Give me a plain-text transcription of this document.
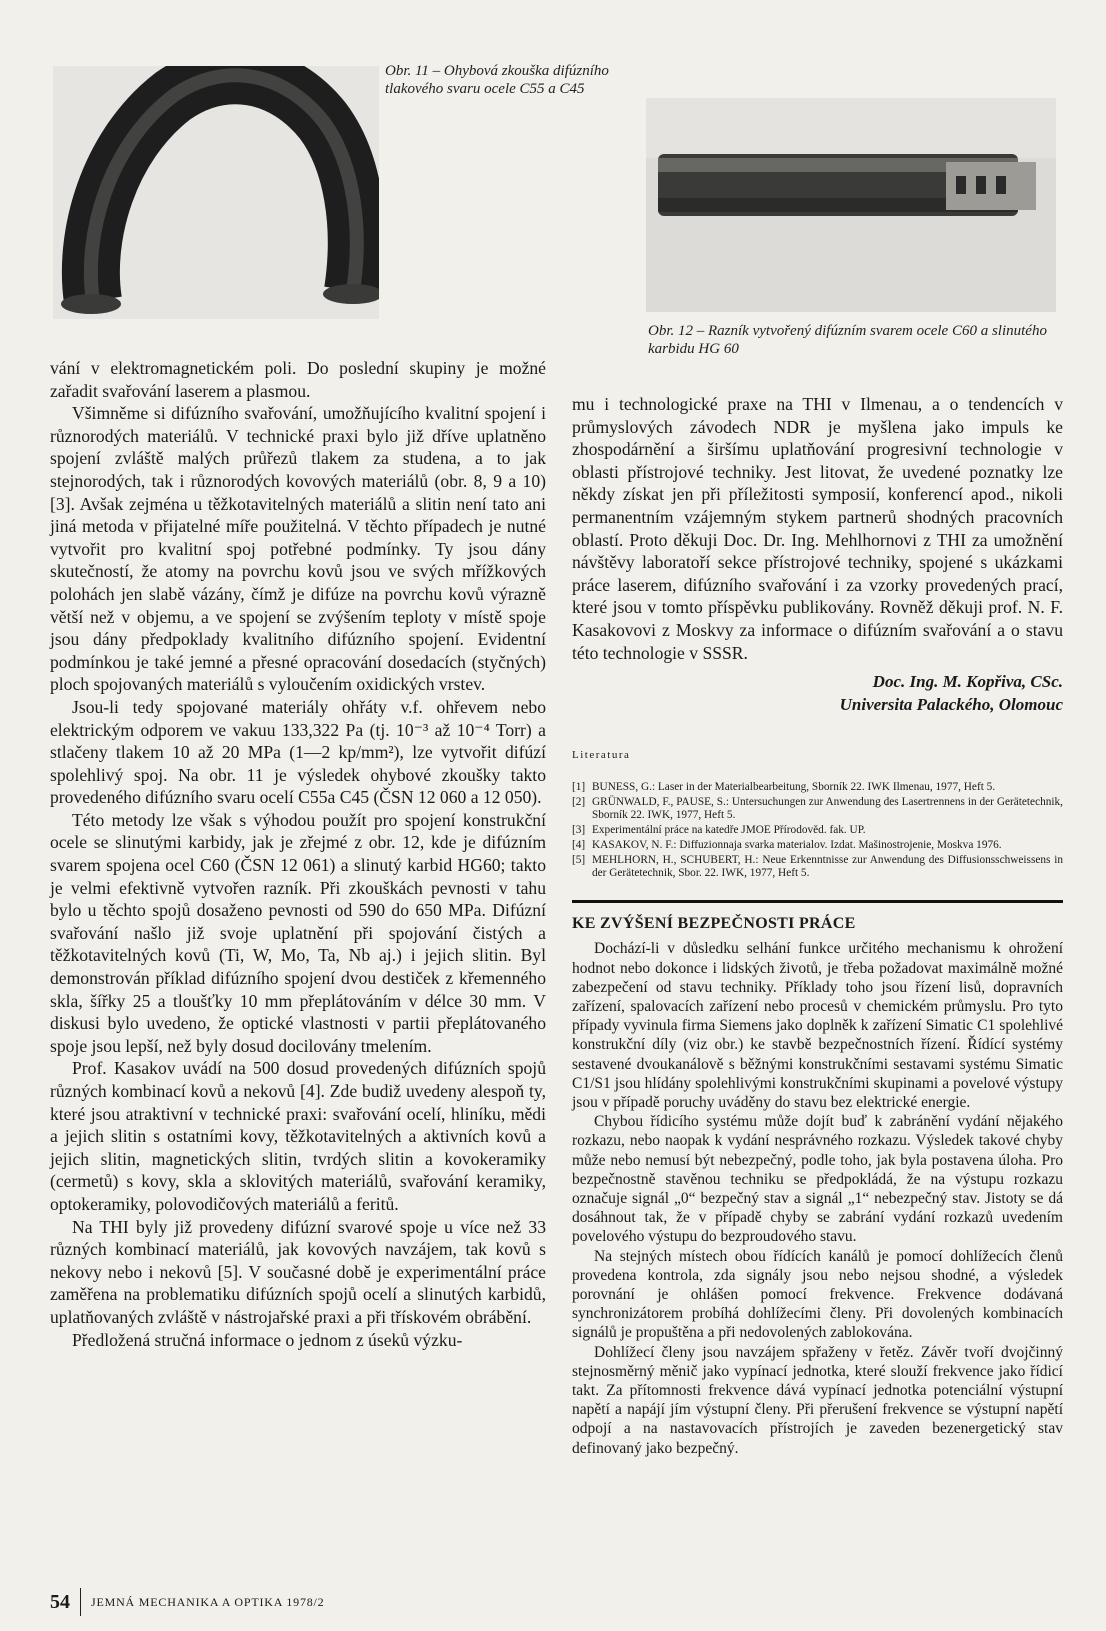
Obr. 11 – Ohybová zkouška difúzního tlakového svaru ocele C55 a C45
Obr. 12 – Razník vytvořený difúzním svarem ocele C60 a slinutého karbidu HG 60

vání v elektromagnetickém poli. Do poslední skupiny je možné zařadit svařování laserem a plasmou.

Všimněme si difúzního svařování, umožňujícího kvalitní spojení i různorodých materiálů. V technické praxi bylo již dříve uplatněno spojení zvláště malých průřezů tlakem za studena, a to jak stejnorodých, tak i různorodých kovových materiálů (obr. 8, 9 a 10) [3]. Avšak zejména u těžkotavitelných materiálů a slitin není tato ani jiná metoda v přijatelné míře použitelná. V těchto případech je nutné vytvořit pro kvalitní spoj potřebné podmínky. Ty jsou dány skutečností, že atomy na povrchu kovů jsou ve svých mřížkových polohách jen slabě vázány, čímž je difúze na povrchu kovů výrazně větší než v objemu, a ve spojení se zvýšením teploty v místě spoje jsou dány předpoklady kvalitního difúzního spojení. Evidentní podmínkou je také jemné a přesné opracování dosedacích (styčných) ploch spojovaných materiálů s vyloučením oxidických vrstev.

Jsou-li tedy spojované materiály ohřáty v.f. ohřevem nebo elektrickým odporem ve vakuu 133,322 Pa (tj. 10⁻³ až 10⁻⁴ Torr) a stlačeny tlakem 10 až 20 MPa (1—2 kp/mm²), lze vytvořit difúzí spolehlivý spoj. Na obr. 11 je výsledek ohybové zkoušky takto provedeného difúzního svaru ocelí C55a C45 (ČSN 12 060 a 12 050).

Této metody lze však s výhodou použít pro spojení konstrukční ocele se slinutými karbidy, jak je zřejmé z obr. 12, kde je difúzním svarem spojena ocel C60 (ČSN 12 061) a slinutý karbid HG60; takto je velmi efektivně vytvořen razník. Při zkouškách pevnosti v tahu bylo u těchto spojů dosaženo pevnosti od 590 do 650 MPa. Difúzní svařování našlo již svoje uplatnění při spojování čistých a těžkotavitelných kovů (Ti, W, Mo, Ta, Nb aj.) i jejich slitin. Byl demonstrován příklad difúzního spojení dvou destiček z křemenného skla, šířky 25 a tloušťky 10 mm přeplátováním v délce 30 mm. V diskusi bylo uvedeno, že optické vlastnosti v partii přeplátovaného spoje jsou lepší, než byly dosud docilovány tmelením.

Prof. Kasakov uvádí na 500 dosud provedených difúzních spojů různých kombinací kovů a nekovů [4]. Zde budiž uvedeny alespoň ty, které jsou atraktivní v technické praxi: svařování ocelí, hliníku, mědi a jejich slitin s ostatními kovy, těžkotavitelných a aktivních kovů a jejich slitin, magnetických slitin, tvrdých slitin a kovokeramiky (cermetů) s kovy, skla a sklovitých materiálů, svařování keramiky, optokeramiky, polovodičových materiálů a feritů.

Na THI byly již provedeny difúzní svarové spoje u více než 33 různých kombinací materiálů, jak kovových navzájem, tak kovů s nekovy nebo i nekovů [5]. V současné době je experimentální práce zaměřena na problematiku difúzních spojů ocelí a slinutých karbidů, uplatňovaných zvláště v nástrojařské praxi a při třískovém obrábění.

Předložená stručná informace o jednom z úseků výzku-

mu i technologické praxe na THI v Ilmenau, a o tendencích v průmyslových závodech NDR je myšlena jako impuls ke zhospodárnění a širšímu uplatňování progresivní technologie v oblasti přístrojové techniky. Jest litovat, že uvedené poznatky lze někdy získat jen při příležitosti symposií, konferencí apod., nikoli permanentním vzájemným stykem partnerů shodných pracovních oblastí. Proto děkuji Doc. Dr. Ing. Mehlhornovi z THI za umožnění návštěvy laboratoří sekce přístrojové techniky, spojené s ukázkami práce laserem, difúzního svařování i za vzorky provedených prací, které jsou v tomto příspěvku publikovány. Rovněž děkuji prof. N. F. Kasakovovi z Moskvy za informace o difúzním svařování a o stavu této technologie v SSSR.

Doc. Ing. M. Kopřiva, CSc.
Universita Palackého, Olomouc
Literatura
[1] BUNESS, G.: Laser in der Materialbearbeitung, Sborník 22. IWK Ilmenau, 1977, Heft 5.
[2] GRÜNWALD, F., PAUSE, S.: Untersuchungen zur Anwendung des Lasertrennens in der Gerätetechnik, Sborník 22. IWK, 1977, Heft 5.
[3] Experimentální práce na katedře JMOE Přírodověd. fak. UP.
[4] KASAKOV, N. F.: Diffuzionnaja svarka materialov. Izdat. Mašinostrojenie, Moskva 1976.
[5] MEHLHORN, H., SCHUBERT, H.: Neue Erkenntnisse zur Anwendung des Diffusionsschweissens in der Gerätetechnik, Sbor. 22. IWK, 1977, Heft 5.
KE ZVÝŠENÍ BEZPEČNOSTI PRÁCE

Dochází-li v důsledku selhání funkce určitého mechanismu k ohrožení hodnot nebo dokonce i lidských životů, je třeba požadovat maximálně možné zabezpečení od stavu techniky. Příklady toho jsou řízení lisů, dopravních zařízení, spalovacích zařízení nebo procesů v chemickém průmyslu. Pro tyto případy vyvinula firma Siemens jako doplněk k zařízení Simatic C1 spolehlivé konstrukční díly (viz obr.) ke stavbě bezpečnostních řízení. Řídící systémy sestavené dvoukanálově s běžnými konstrukčními sestavami systému Simatic C1/S1 jsou hlídány spolehlivými konstrukčními skupinami a povelové výstupy jsou v případě poruchy uváděny do stavu bez elektrické energie.

Chybou řídicího systému může dojít buď k zabránění vydání nějakého rozkazu, nebo naopak k vydání nesprávného rozkazu. Výsledek takové chyby může nebo nemusí být nebezpečný, podle toho, jak byla postavena úloha. Pro bezpečnostně stavěnou techniku se předpokládá, že na výstupu rozkazu označuje signál „0“ bezpečný stav a signál „1“ nebezpečný stav. Jistoty se dá dosáhnout tak, že v případě chyby se zabrání vydání rozkazů uvedením povelového výstupu do bezproudového stavu.

Na stejných místech obou řídících kanálů je pomocí dohlížecích členů provedena kontrola, zda signály jsou nebo nejsou shodné, a výsledek porovnání je ohlášen pomocí frekvence. Frekvence dodávaná synchronizátorem probíhá dohlížecími členy. Při dovolených kombinacích signálů je propuštěna a při nedovolených zablokována.

Dohlížecí členy jsou navzájem spřaženy v řetěz. Závěr tvoří dvojčinný stejnosměrný měnič jako vypínací jednotka, které slouží frekvence jako řídicí takt. Za přítomnosti frekvence dává vypínací jednotka potenciální výstupní napětí a napájí jím výstupní členy. Při přerušení frekvence se výstupní napětí odpojí a na nastavovacích přístrojích je zaveden bezenergetický stav definovaný jako bezpečný.

54 JEMNÁ MECHANIKA A OPTIKA 1978/2
